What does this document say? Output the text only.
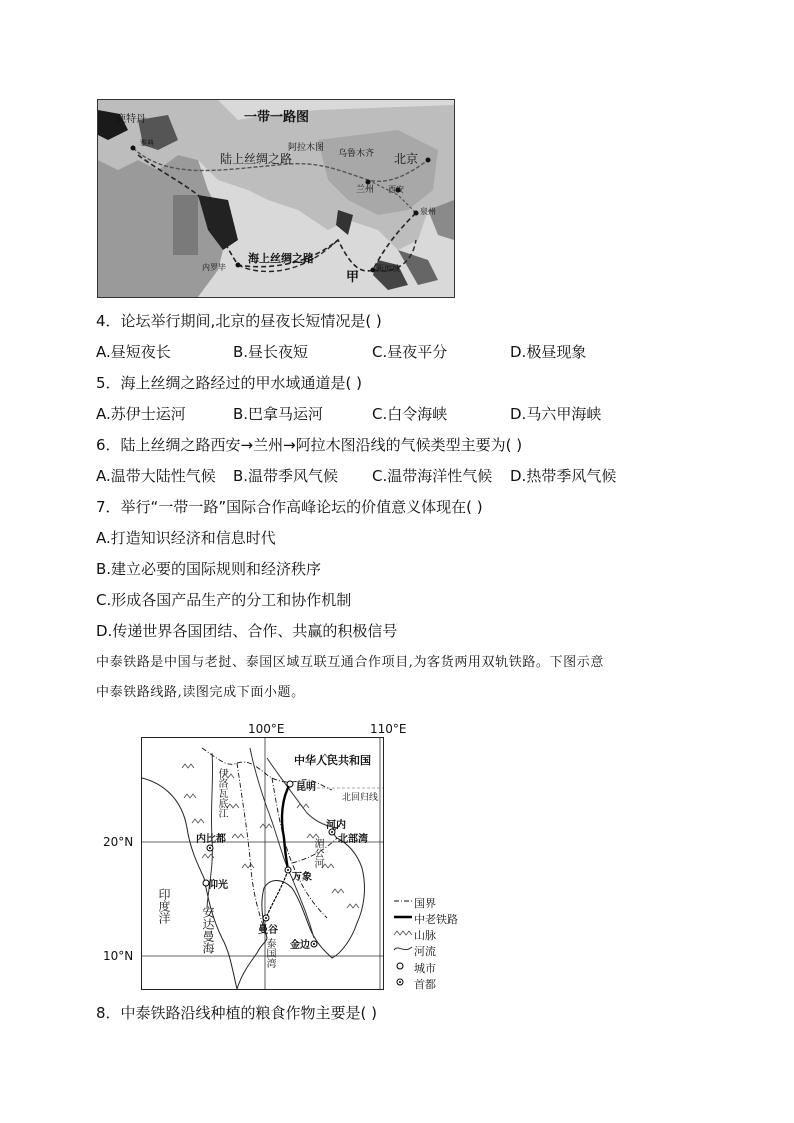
一带一路图
鹿特丹
雅典
陆上丝绸之路
阿拉木图
乌鲁木齐 北京
兰州 西安
泉州
海上丝绸之路
内罗毕
甲
新加坡
4．论坛举行期间,北京的昼夜长短情况是( )
A.昼短夜长	B.昼长夜短	C.昼夜平分	D.极昼现象
5．海上丝绸之路经过的甲水域通道是( )
A.苏伊士运河	B.巴拿马运河	C.白令海峡	D.马六甲海峡
6．陆上丝绸之路西安→兰州→阿拉木图沿线的气候类型主要为( )
A.温带大陆性气候 B.温带季风气候 C.温带海洋性气候 D.热带季风气候
7．举行“一带一路”国际合作高峰论坛的价值意义体现在( )
A.打造知识经济和信息时代
B.建立必要的国际规则和经济秩序
C.形成各国产品生产的分工和协作机制
D.传递世界各国团结、合作、共赢的积极信号
中泰铁路是中国与老挝、泰国区域互联互通合作项目,为客货两用双轨铁路。下图示意
中泰铁路线路,读图完成下面小题。
100°E	110°E
20°N
10°N
中华人民共和国
昆明
北回归线
河内
北部湾
内比都
仰光
万象
曼谷
金边
印度洋	安达曼海	泰国湾
伊洛瓦底江
湄公河
国界
中老铁路
山脉
河流
城市
首都
8．中泰铁路沿线种植的粮食作物主要是( )
